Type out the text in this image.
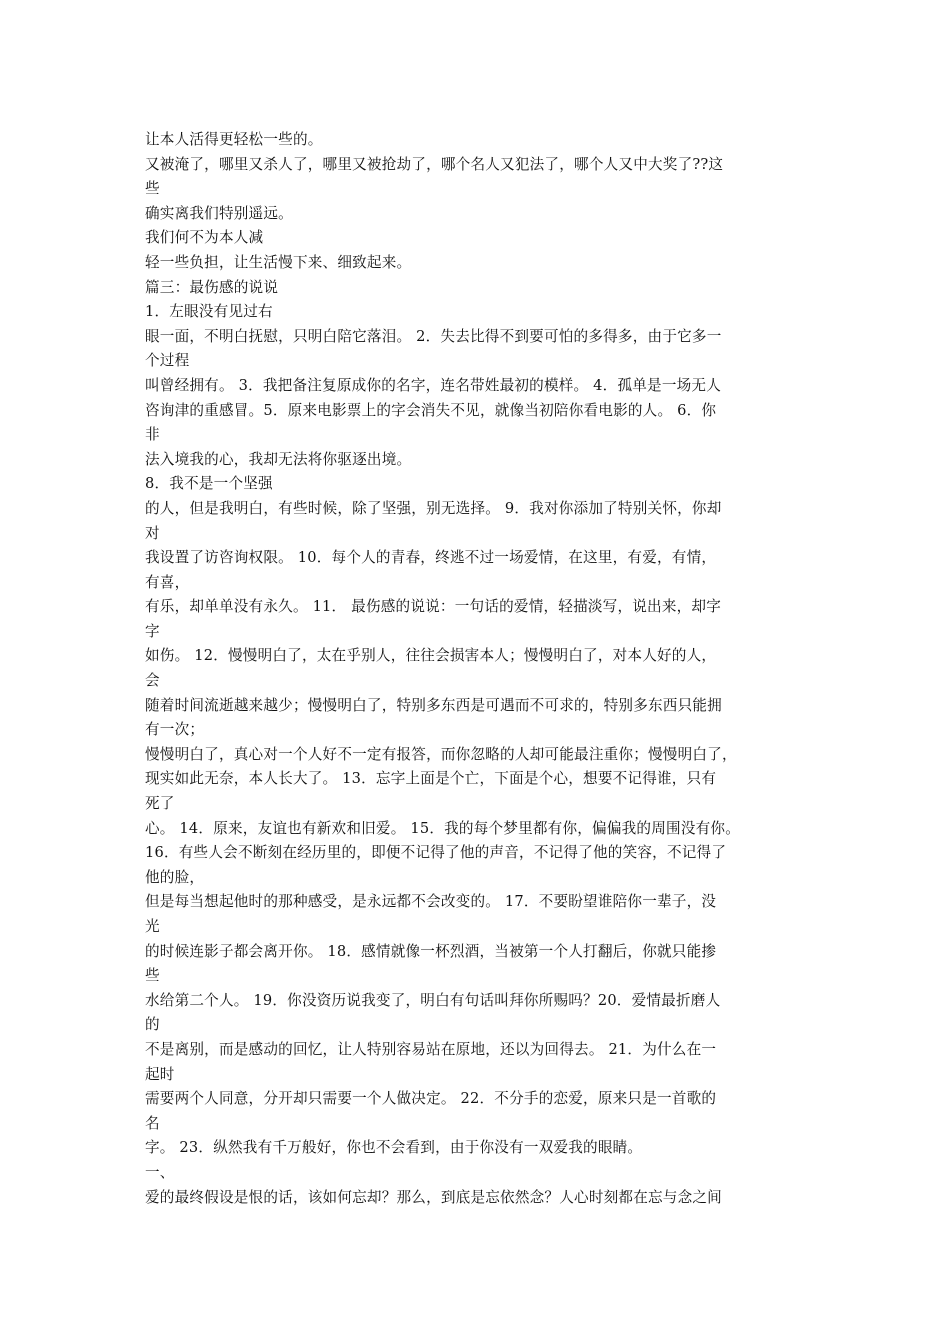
让本人活得更轻松一些的。
又被淹了，哪里又杀人了，哪里又被抢劫了，哪个名人又犯法了，哪个人又中大奖了??这
些
确实离我们特别遥远。
我们何不为本人减
轻一些负担，让生活慢下来、细致起来。
篇三：最伤感的说说
1．左眼没有见过右
眼一面，不明白抚慰，只明白陪它落泪。 2．失去比得不到要可怕的多得多，由于它多一
个过程
叫曾经拥有。 3．我把备注复原成你的名字，连名带姓最初的模样。 4．孤单是一场无人
咨询津的重感冒。5．原来电影票上的字会消失不见，就像当初陪你看电影的人。 6．你
非
法入境我的心，我却无法将你驱逐出境。
8．我不是一个坚强
的人，但是我明白，有些时候，除了坚强，别无选择。 9．我对你添加了特别关怀，你却
对
我设置了访咨询权限。 10．每个人的青春，终逃不过一场爱情，在这里，有爱，有情，
有喜，
有乐，却单单没有永久。 11． 最伤感的说说：一句话的爱情，轻描淡写，说出来，却字
字
如伤。 12．慢慢明白了，太在乎别人，往往会损害本人；慢慢明白了，对本人好的人，
会
随着时间流逝越来越少；慢慢明白了，特别多东西是可遇而不可求的，特别多东西只能拥
有一次；
慢慢明白了，真心对一个人好不一定有报答，而你忽略的人却可能最注重你；慢慢明白了，
现实如此无奈，本人长大了。 13．忘字上面是个亡，下面是个心，想要不记得谁，只有
死了
心。 14．原来，友谊也有新欢和旧爱。 15．我的每个梦里都有你，偏偏我的周围没有你。
16．有些人会不断刻在经历里的，即便不记得了他的声音，不记得了他的笑容，不记得了
他的脸，
但是每当想起他时的那种感受，是永远都不会改变的。 17．不要盼望谁陪你一辈子，没
光
的时候连影子都会离开你。 18．感情就像一杯烈酒，当被第一个人打翻后，你就只能掺
些
水给第二个人。 19．你没资历说我变了，明白有句话叫拜你所赐吗？20．爱情最折磨人
的
不是离别，而是感动的回忆，让人特别容易站在原地，还以为回得去。 21．为什么在一
起时
需要两个人同意，分开却只需要一个人做决定。 22．不分手的恋爱，原来只是一首歌的
名
字。 23．纵然我有千万般好，你也不会看到，由于你没有一双爱我的眼睛。
一、
爱的最终假设是恨的话，该如何忘却？那么，到底是忘依然念？人心时刻都在忘与念之间
